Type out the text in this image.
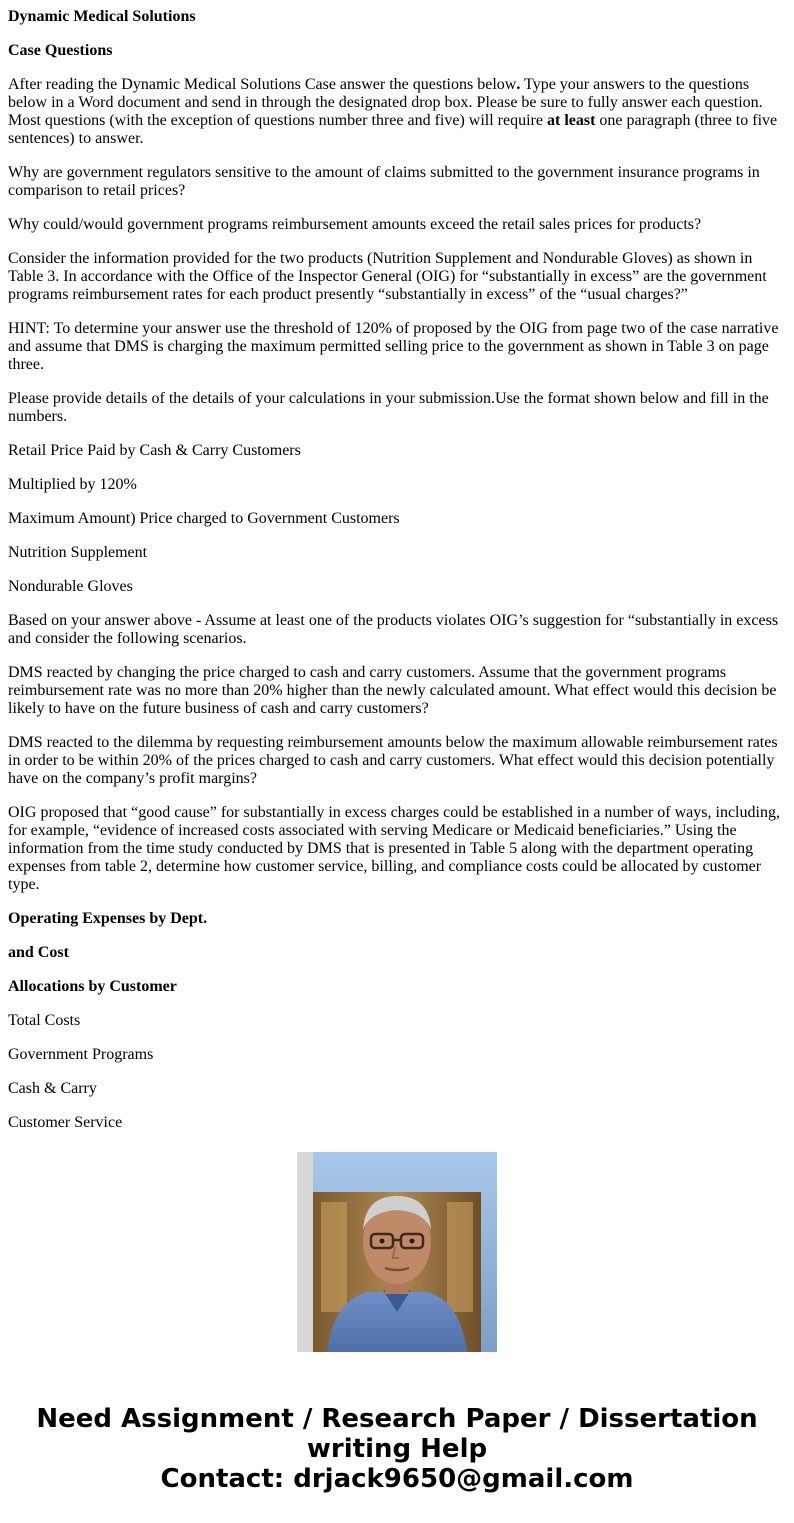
Dynamic Medical Solutions

Case Questions

After reading the Dynamic Medical Solutions Case answer the questions below. Type your answers to the questions below in a Word document and send in through the designated drop box. Please be sure to fully answer each question. Most questions (with the exception of questions number three and five) will require at least one paragraph (three to five sentences) to answer.

Why are government regulators sensitive to the amount of claims submitted to the government insurance programs in comparison to retail prices?

Why could/would government programs reimbursement amounts exceed the retail sales prices for products?

Consider the information provided for the two products (Nutrition Supplement and Nondurable Gloves) as shown in Table 3. In accordance with the Office of the Inspector General (OIG) for “substantially in excess” are the government programs reimbursement rates for each product presently “substantially in excess” of the “usual charges?”

HINT: To determine your answer use the threshold of 120% of proposed by the OIG from page two of the case narrative and assume that DMS is charging the maximum permitted selling price to the government as shown in Table 3 on page three.

Please provide details of the details of your calculations in your submission.Use the format shown below and fill in the numbers.

Retail Price Paid by Cash & Carry Customers

Multiplied by 120%

Maximum Amount) Price charged to Government Customers

Nutrition Supplement

Nondurable Gloves

Based on your answer above - Assume at least one of the products violates OIG’s suggestion for “substantially in excess and consider the following scenarios.

DMS reacted by changing the price charged to cash and carry customers. Assume that the government programs reimbursement rate was no more than 20% higher than the newly calculated amount. What effect would this decision be likely to have on the future business of cash and carry customers?

DMS reacted to the dilemma by requesting reimbursement amounts below the maximum allowable reimbursement rates in order to be within 20% of the prices charged to cash and carry customers. What effect would this decision potentially have on the company’s profit margins?

OIG proposed that “good cause” for substantially in excess charges could be established in a number of ways, including, for example, “evidence of increased costs associated with serving Medicare or Medicaid beneficiaries.” Using the information from the time study conducted by DMS that is presented in Table 5 along with the department operating expenses from table 2, determine how customer service, billing, and compliance costs could be allocated by customer type.

Operating Expenses by Dept.

and Cost

Allocations by Customer

Total Costs

Government Programs

Cash & Carry

Customer Service

Need Assignment / Research Paper / Dissertation
writing Help
Contact: drjack9650@gmail.com
